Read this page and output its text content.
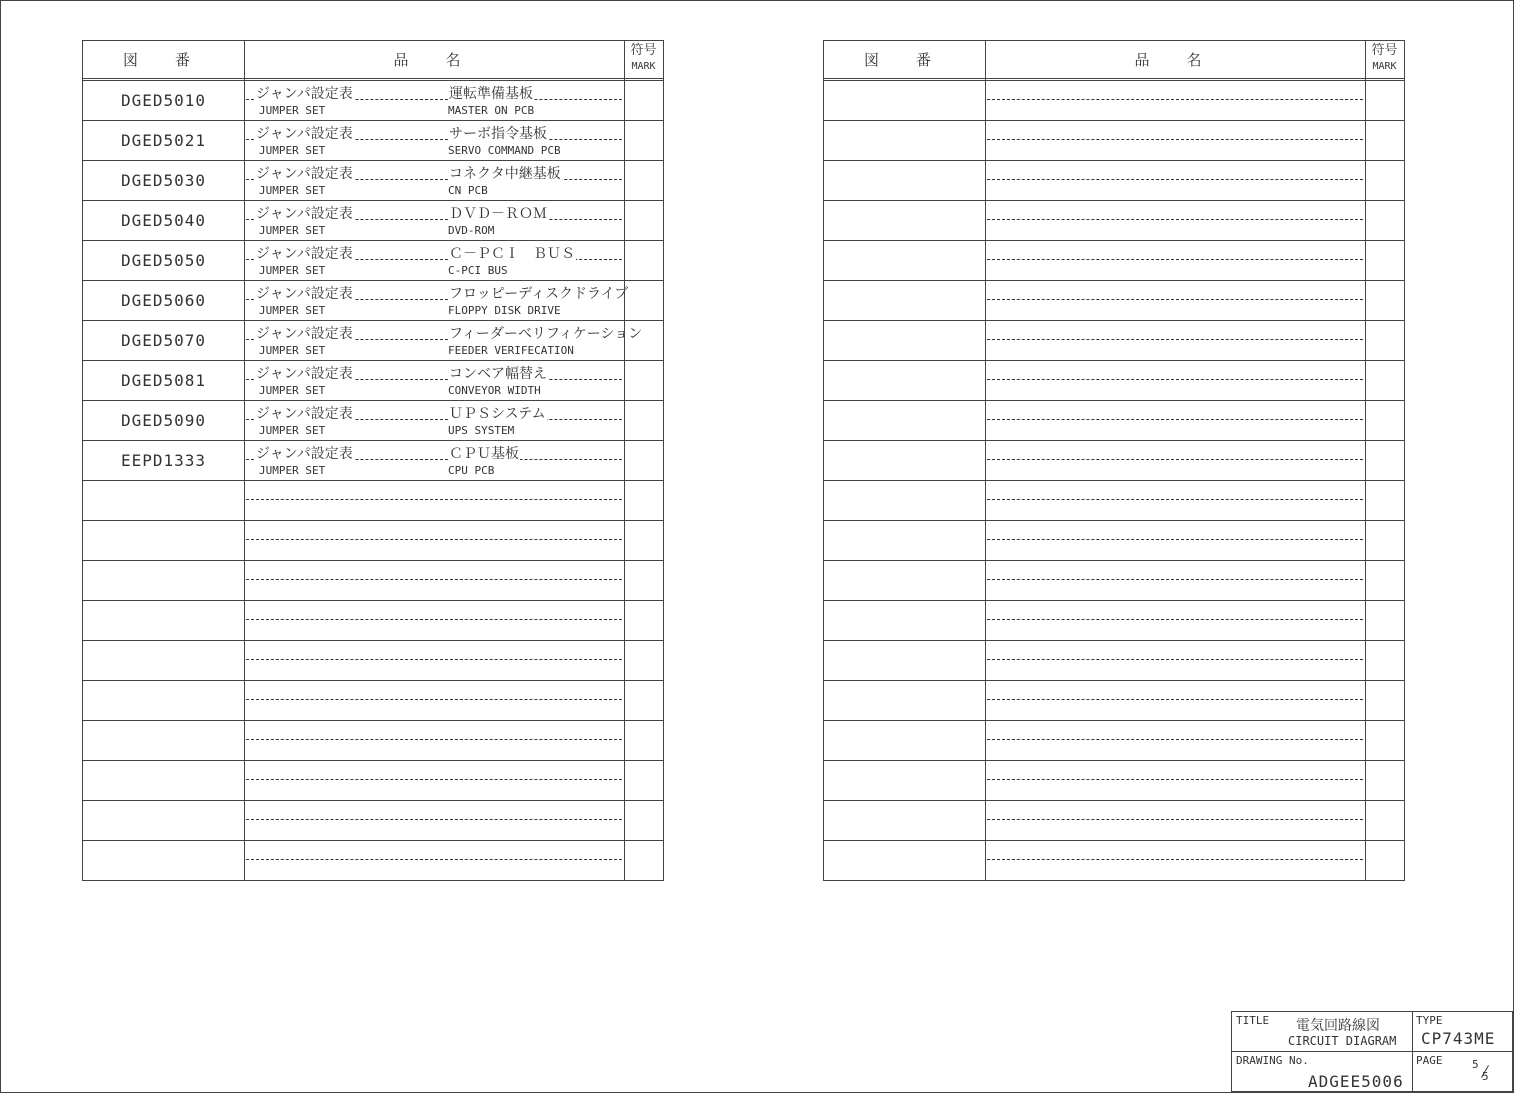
図 番	品 名
符号
MARK
DGED5010	ジャンパ設定表	運転準備基板
JUMPER SET	MASTER ON PCB
DGED5021	ジャンパ設定表	サーボ指令基板
JUMPER SET	SERVO COMMAND PCB
DGED5030	ジャンパ設定表	コネクタ中継基板
JUMPER SET	CN PCB
DGED5040	ジャンパ設定表	ＤＶＤ－ＲＯＭ
JUMPER SET	DVD-ROM
DGED5050	ジャンパ設定表	Ｃ－ＰＣＩ　ＢＵＳ
JUMPER SET	C-PCI BUS
DGED5060	ジャンパ設定表	フロッピーディスクドライブ
JUMPER SET	FLOPPY DISK DRIVE
DGED5070	ジャンパ設定表	フィーダーベリフィケーション
JUMPER SET	FEEDER VERIFECATION
DGED5081	ジャンパ設定表	コンベア幅替え
JUMPER SET	CONVEYOR WIDTH
DGED5090	ジャンパ設定表	ＵＰＳシステム
JUMPER SET	UPS SYSTEM
EEPD1333	ジャンパ設定表	ＣＰＵ基板
JUMPER SET	CPU PCB
図 番	品 名
符号
MARK
TITLE 電気回路線図
CIRCUIT DIAGRAM
DRAWING No.
ADGEE5006
TYPE
CP743ME
PAGE	5
5
